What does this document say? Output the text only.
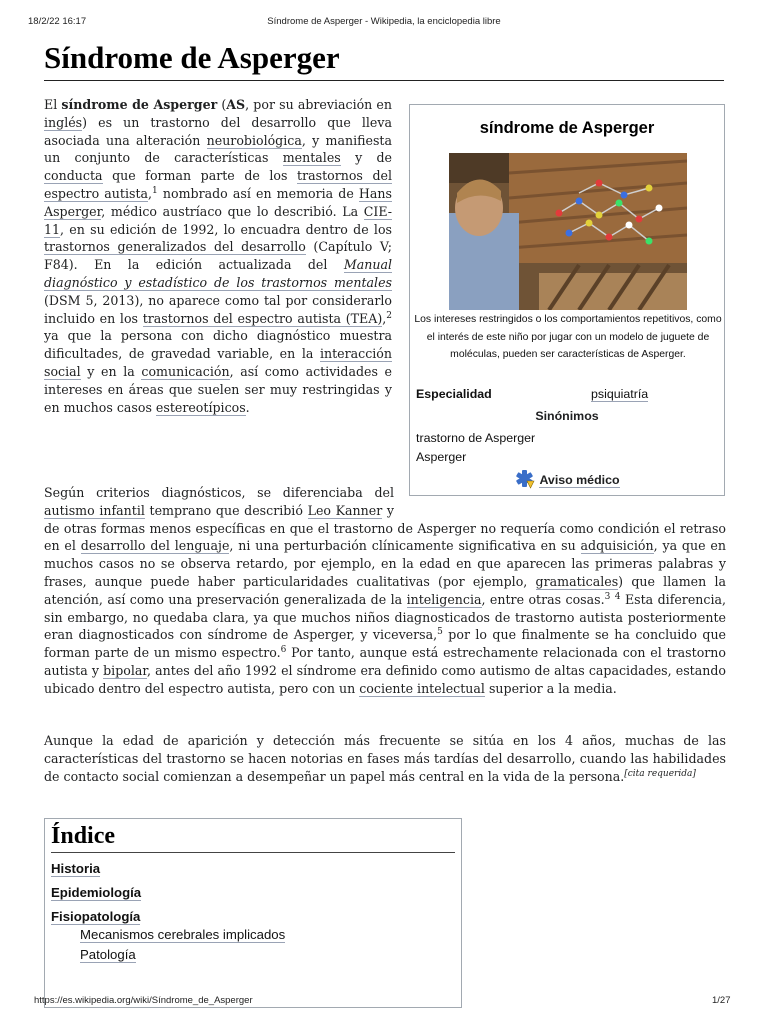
18/2/22 16:17	Síndrome de Asperger - Wikipedia, la enciclopedia libre
Síndrome de Asperger
El síndrome de Asperger (AS, por su abreviación en inglés) es un trastorno del desarrollo que lleva asociada una alteración neurobiológica, y manifiesta un conjunto de características mentales y de conducta que forman parte de los trastornos del espectro autista,$^1$ nombrado así en memoria de Hans Asperger, médico austríaco que lo describió. La CIE-11, en su edición de 1992, lo encuadra dentro de los trastornos generalizados del desarrollo (Capítulo V; F84). En la edición actualizada del Manual diagnóstico y estadístico de los trastornos mentales (DSM 5, 2013), no aparece como tal por considerarlo incluido en los trastornos del espectro autista (TEA),$^2$ ya que la persona con dicho diagnóstico muestra dificultades, de gravedad variable, en la interacción social y en la comunicación, así como actividades e intereses en áreas que suelen ser muy restringidas y en muchos casos estereotípicos.
Según criterios diagnósticos, se diferenciaba del autismo infantil temprano que describió Leo Kanner y de otras formas menos específicas en que el trastorno de Asperger no requería como condición el retraso en el desarrollo del lenguaje, ni una perturbación clínicamente significativa en su adquisición, ya que en muchos casos no se observa retardo, por ejemplo, en la edad en que aparecen las primeras palabras y frases, aunque puede haber particularidades cualitativas (por ejemplo, gramaticales) que llamen la atención, así como una preservación generalizada de la inteligencia, entre otras cosas.$^3$ $^4$ Esta diferencia, sin embargo, no quedaba clara, ya que muchos niños diagnosticados de trastorno autista posteriormente eran diagnosticados con síndrome de Asperger, y viceversa,$^5$ por lo que finalmente se ha concluido que forman parte de un mismo espectro.$^6$ Por tanto, aunque está estrechamente relacionada con el trastorno autista y bipolar, antes del año 1992 el síndrome era definido como autismo de altas capacidades, estando ubicado dentro del espectro autista, pero con un cociente intelectual superior a la media.
Aunque la edad de aparición y detección más frecuente se sitúa en los 4 años, muchas de las características del trastorno se hacen notorias en fases más tardías del desarrollo, cuando las habilidades de contacto social comienzan a desempeñar un papel más central en la vida de la persona.[cita requerida]
síndrome de Asperger
Los intereses restringidos o los comportamientos repetitivos, como el interés de este niño por jugar con un modelo de juguete de moléculas, pueden ser características de Asperger.
Especialidad	psiquiatría
Sinónimos
trastorno de Asperger
Asperger
Aviso médico
Índice
Historia
Epidemiología
Fisiopatología
Mecanismos cerebrales implicados
Patología
https://es.wikipedia.org/wiki/Síndrome_de_Asperger	1/27
